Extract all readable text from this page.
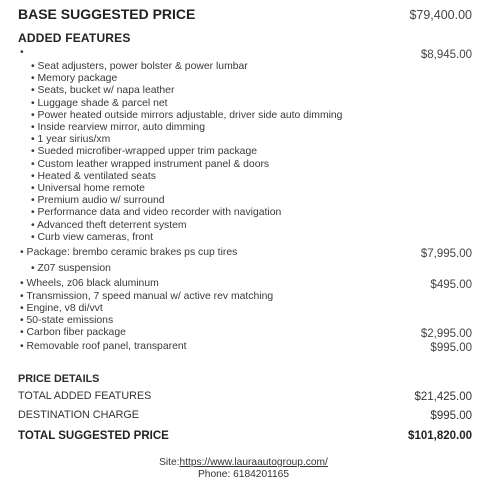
BASE SUGGESTED PRICE	$79,400.00
ADDED FEATURES
•	$8,945.00
• Seat adjusters, power bolster & power lumbar
• Memory package
• Seats, bucket w/ napa leather
• Luggage shade & parcel net
• Power heated outside mirrors adjustable, driver side auto dimming
• Inside rearview mirror, auto dimming
• 1 year sirius/xm
• Sueded microfiber-wrapped upper trim package
• Custom leather wrapped instrument panel & doors
• Heated & ventilated seats
• Universal home remote
• Premium audio w/ surround
• Performance data and video recorder with navigation
• Advanced theft deterrent system
• Curb view cameras, front
• Package: brembo ceramic brakes ps cup tires	$7,995.00
• Z07 suspension
• Wheels, z06 black aluminum	$495.00
• Transmission, 7 speed manual w/ active rev matching
• Engine, v8 di/vvt
• 50-state emissions
• Carbon fiber package	$2,995.00
• Removable roof panel, transparent	$995.00
PRICE DETAILS
TOTAL ADDED FEATURES	$21,425.00
DESTINATION CHARGE	$995.00
TOTAL SUGGESTED PRICE	$101,820.00
Site:https://www.lauraautogroup.com/
Phone: 6184201165
